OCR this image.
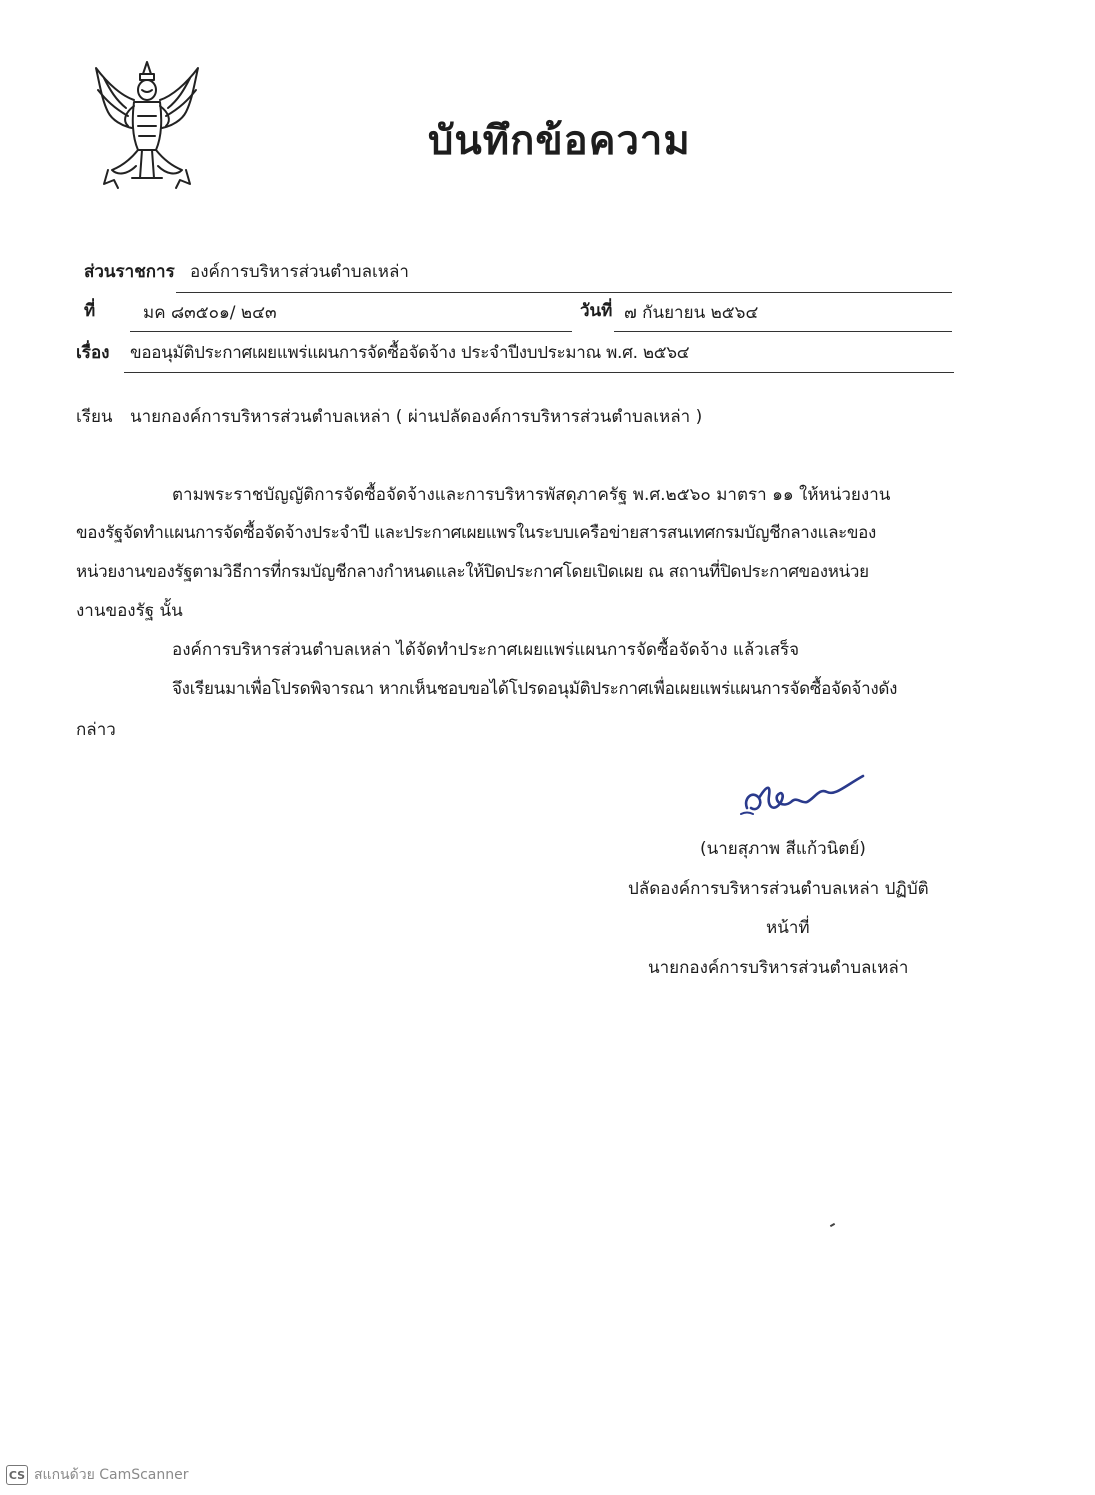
บันทึกข้อความ
ส่วนราชการ องค์การบริหารส่วนตำบลเหล่า
ที่	มค ๘๓๕๐๑/ ๒๔๓	วันที่ ๗ กันยายน ๒๕๖๔
เรื่อง ขออนุมัติประกาศเผยแพร่แผนการจัดซื้อจัดจ้าง ประจำปีงบประมาณ พ.ศ. ๒๕๖๔
เรียน นายกองค์การบริหารส่วนตำบลเหล่า ( ผ่านปลัดองค์การบริหารส่วนตำบลเหล่า )
ตามพระราชบัญญัติการจัดซื้อจัดจ้างและการบริหารพัสดุภาครัฐ พ.ศ.๒๕๖๐ มาตรา ๑๑ ให้หน่วยงาน
ของรัฐจัดทำแผนการจัดซื้อจัดจ้างประจำปี และประกาศเผยแพรในระบบเครือข่ายสารสนเทศกรมบัญชีกลางและของ
หน่วยงานของรัฐตามวิธีการที่กรมบัญชีกลางกำหนดและให้ปิดประกาศโดยเปิดเผย ณ สถานที่ปิดประกาศของหน่วย
งานของรัฐ นั้น
องค์การบริหารส่วนตำบลเหล่า ได้จัดทำประกาศเผยแพร่แผนการจัดซื้อจัดจ้าง แล้วเสร็จ
จึงเรียนมาเพื่อโปรดพิจารณา หากเห็นชอบขอได้โปรดอนุมัติประกาศเพื่อเผยแพร่แผนการจัดซื้อจัดจ้างดัง
กล่าว
(นายสุภาพ สีแก้วนิตย์)
ปลัดองค์การบริหารส่วนตำบลเหล่า ปฏิบัติ
หน้าที่
นายกองค์การบริหารส่วนตำบลเหล่า
CS สแกนด้วย CamScanner
